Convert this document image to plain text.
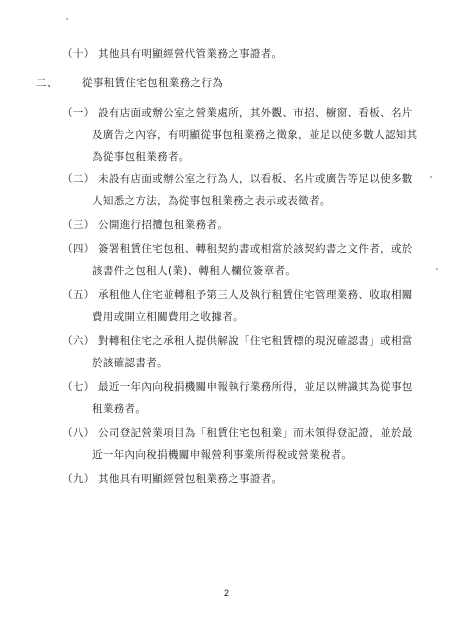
（十） 其他具有明顯經營代管業務之事證者。
二、 從事租賃住宅包租業務之行為
（一） 設有店面或辦公室之營業處所，其外觀、市招、櫥窗、看板、名片
及廣告之內容，有明顯從事包租業務之徵象，並足以使多數人認知其
為從事包租業務者。
（二） 未設有店面或辦公室之行為人，以看板、名片或廣告等足以使多數
人知悉之方法，為從事包租業務之表示或表徵者。
（三） 公開進行招攬包租業務者。
（四） 簽署租賃住宅包租、轉租契約書或相當於該契約書之文件者，或於
該書件之包租人(業)、轉租人欄位簽章者。
（五） 承租他人住宅並轉租予第三人及執行租賃住宅管理業務、收取相關
費用或開立相關費用之收據者。
（六） 對轉租住宅之承租人提供解說「住宅租賃標的現況確認書」或相當
於該確認書者。
（七） 最近一年內向稅捐機關申報執行業務所得，並足以辨識其為從事包
租業務者。
（八） 公司登記營業項目為「租賃住宅包租業」而未領得登記證，並於最
近一年內向稅捐機關申報營利事業所得稅或營業稅者。
（九） 其他具有明顯經營包租業務之事證者。
2
